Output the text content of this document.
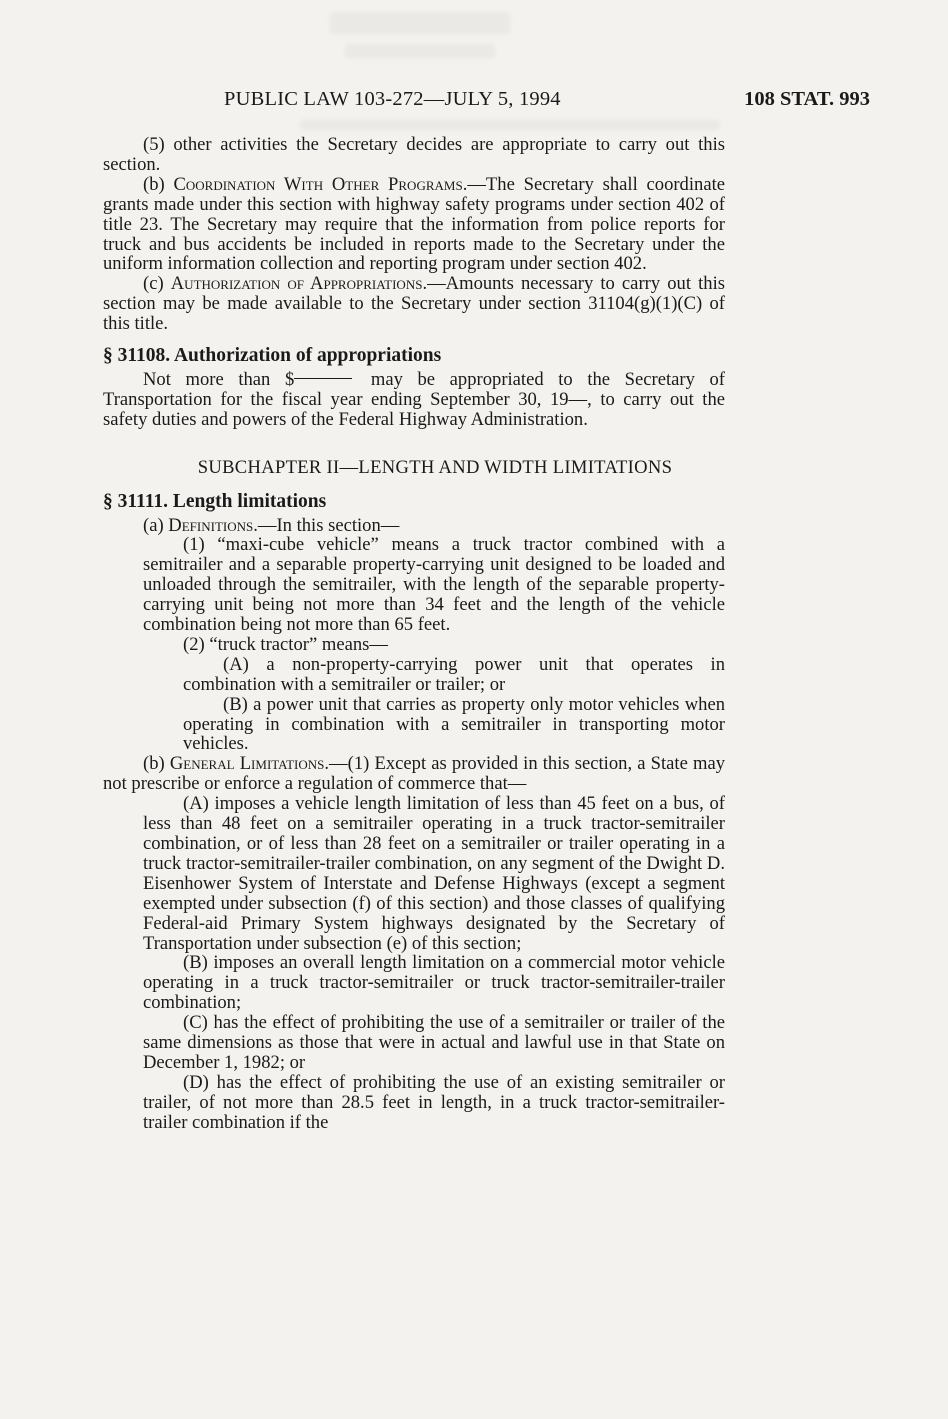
PUBLIC LAW 103-272—JULY 5, 1994	108 STAT. 993

(5) other activities the Secretary decides are appropriate to carry out this section.

(b) Coordination With Other Programs.—The Secretary shall coordinate grants made under this section with highway safety programs under section 402 of title 23. The Secretary may require that the information from police reports for truck and bus accidents be included in reports made to the Secretary under the uniform information collection and reporting program under section 402.

(c) Authorization of Appropriations.—Amounts necessary to carry out this section may be made available to the Secretary under section 31104(g)(1)(C) of this title.

§ 31108. Authorization of appropriations

Not more than $	may be appropriated to the Secretary of Transportation for the fiscal year ending September 30, 19—, to carry out the safety duties and powers of the Federal Highway Administration.

SUBCHAPTER II—LENGTH AND WIDTH LIMITATIONS

§ 31111. Length limitations

(a) Definitions.—In this section—

(1) “maxi-cube vehicle” means a truck tractor combined with a semitrailer and a separable property-carrying unit designed to be loaded and unloaded through the semitrailer, with the length of the separable property-carrying unit being not more than 34 feet and the length of the vehicle combination being not more than 65 feet.

(2) “truck tractor” means—

(A) a non-property-carrying power unit that operates in combination with a semitrailer or trailer; or

(B) a power unit that carries as property only motor vehicles when operating in combination with a semitrailer in transporting motor vehicles.

(b) General Limitations.—(1) Except as provided in this section, a State may not prescribe or enforce a regulation of commerce that—

(A) imposes a vehicle length limitation of less than 45 feet on a bus, of less than 48 feet on a semitrailer operating in a truck tractor-semitrailer combination, or of less than 28 feet on a semitrailer or trailer operating in a truck tractor-semitrailer-trailer combination, on any segment of the Dwight D. Eisenhower System of Interstate and Defense Highways (except a segment exempted under subsection (f) of this section) and those classes of qualifying Federal-aid Primary System highways designated by the Secretary of Transportation under subsection (e) of this section;

(B) imposes an overall length limitation on a commercial motor vehicle operating in a truck tractor-semitrailer or truck tractor-semitrailer-trailer combination;

(C) has the effect of prohibiting the use of a semitrailer or trailer of the same dimensions as those that were in actual and lawful use in that State on December 1, 1982; or

(D) has the effect of prohibiting the use of an existing semitrailer or trailer, of not more than 28.5 feet in length, in a truck tractor-semitrailer-trailer combination if the
